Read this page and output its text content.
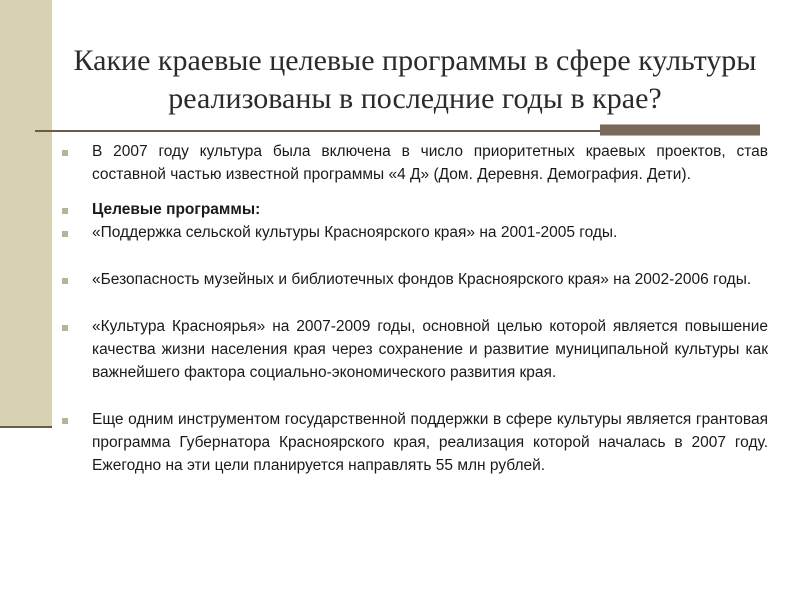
Какие краевые целевые программы в сфере культуры реализованы в последние годы в крае?
В 2007 году культура была включена в число приоритетных краевых проектов, став составной частью известной программы «4 Д» (Дом. Деревня. Демография. Дети).
Целевые программы:
«Поддержка сельской культуры Красноярского края» на 2001-2005 годы.
«Безопасность музейных и библиотечных фондов Красноярского края» на 2002-2006 годы.
«Культура Красноярья» на 2007-2009 годы, основной целью которой является повышение качества жизни населения края через сохранение и развитие муниципальной культуры как важнейшего фактора социально-экономического развития края.
Еще одним инструментом государственной поддержки в сфере культуры является грантовая программа Губернатора Красноярского края, реализация которой началась в 2007 году. Ежегодно на эти цели планируется направлять 55 млн рублей.
